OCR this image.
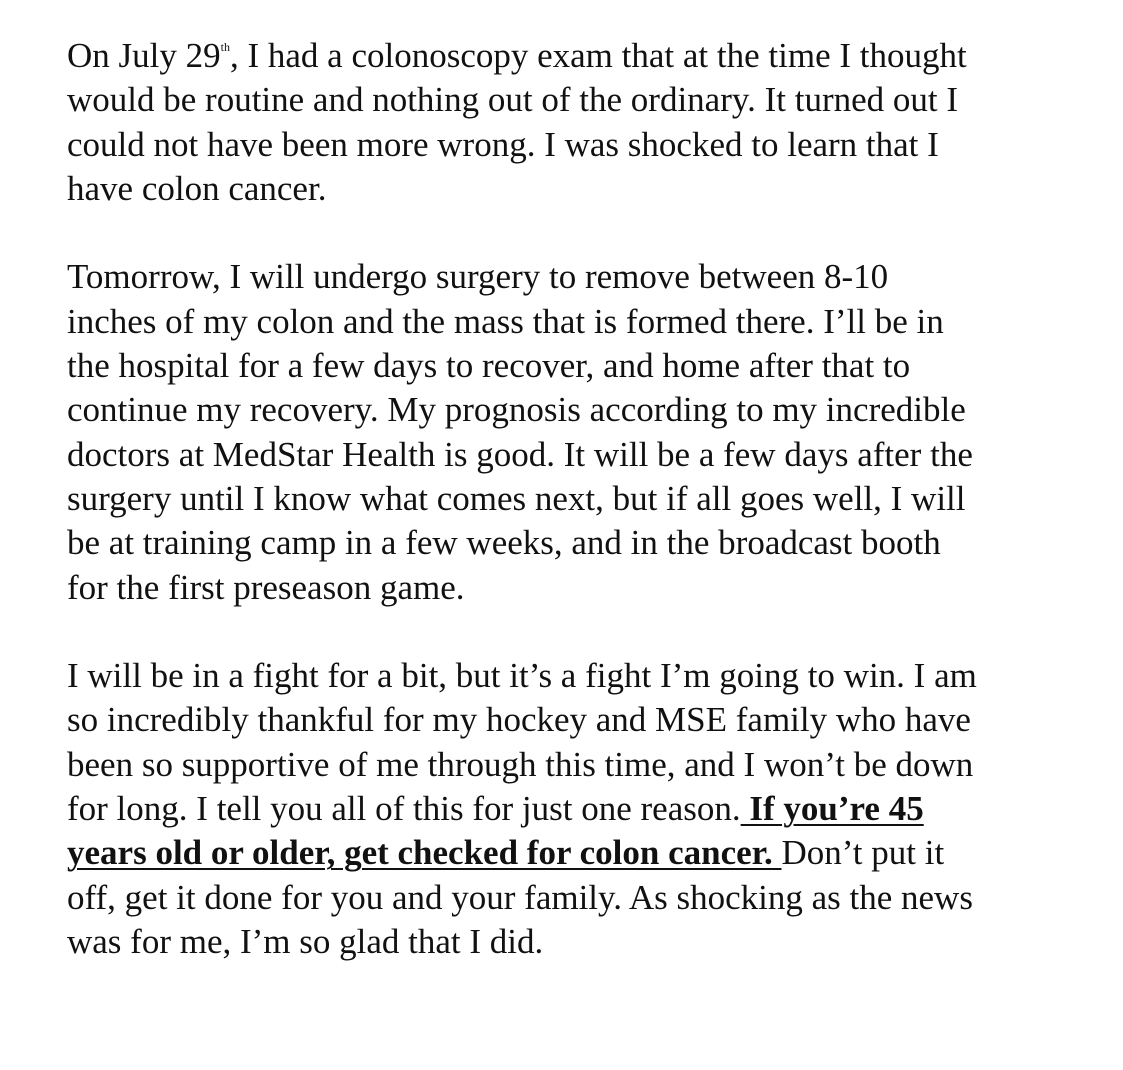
On July 29th, I had a colonoscopy exam that at the time I thought
would be routine and nothing out of the ordinary. It turned out I
could not have been more wrong. I was shocked to learn that I
have colon cancer.
Tomorrow, I will undergo surgery to remove between 8-10
inches of my colon and the mass that is formed there. I’ll be in
the hospital for a few days to recover, and home after that to
continue my recovery. My prognosis according to my incredible
doctors at MedStar Health is good. It will be a few days after the
surgery until I know what comes next, but if all goes well, I will
be at training camp in a few weeks, and in the broadcast booth
for the first preseason game.
I will be in a fight for a bit, but it’s a fight I’m going to win. I am
so incredibly thankful for my hockey and MSE family who have
been so supportive of me through this time, and I won’t be down
for long. I tell you all of this for just one reason. If you’re 45
years old or older, get checked for colon cancer. Don’t put it
off, get it done for you and your family. As shocking as the news
was for me, I’m so glad that I did.
